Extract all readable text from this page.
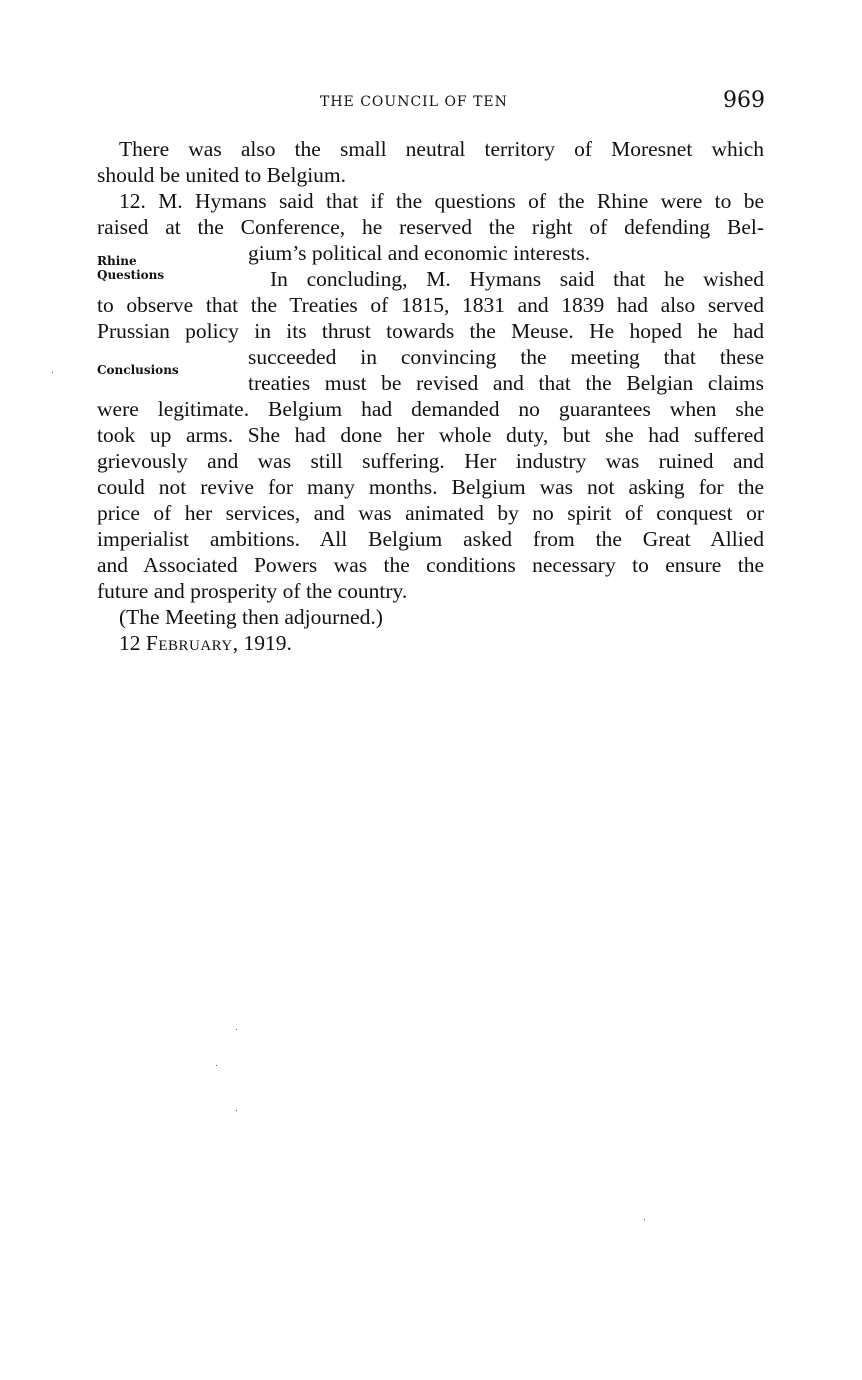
THE COUNCIL OF TEN	969
Rhine
Questions
Conclusions

There was also the small neutral territory of Moresnet which
should be united to Belgium.

12. M. Hymans said that if the questions of the Rhine were to be
raised at the Conference, he reserved the right of defending Bel-
gium’s political and economic interests.

In concluding, M. Hymans said that he wished
to observe that the Treaties of 1815, 1831 and 1839 had also served
Prussian policy in its thrust towards the Meuse. He hoped he had
succeeded in convincing the meeting that these
treaties must be revised and that the Belgian claims
were legitimate. Belgium had demanded no guarantees when she
took up arms. She had done her whole duty, but she had suffered
grievously and was still suffering. Her industry was ruined and
could not revive for many months. Belgium was not asking for the
price of her services, and was animated by no spirit of conquest or
imperialist ambitions. All Belgium asked from the Great Allied
and Associated Powers was the conditions necessary to ensure the
future and prosperity of the country.

(The Meeting then adjourned.)

12 February, 1919.
